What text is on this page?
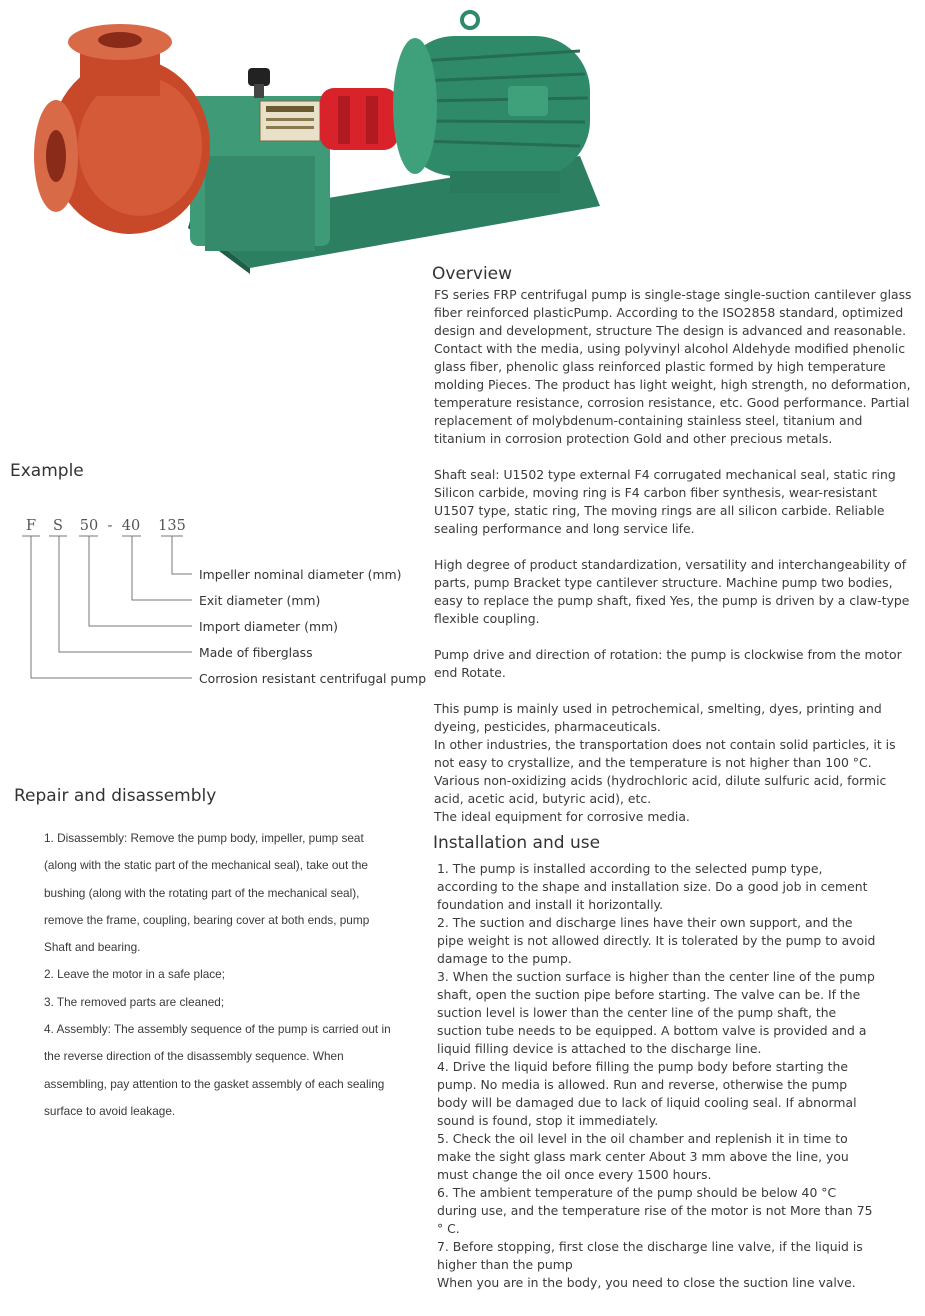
Overview

FS series FRP centrifugal pump is single-stage single-suction cantilever glass fiber reinforced plasticPump. According to the ISO2858 standard, optimized design and development, structure The design is advanced and reasonable. Contact with the media, using polyvinyl alcohol Aldehyde modified phenolic glass fiber, phenolic glass reinforced plastic formed by high temperature molding Pieces. The product has light weight, high strength, no deformation, temperature resistance, corrosion resistance, etc. Good performance. Partial replacement of molybdenum-containing stainless steel, titanium and titanium in corrosion protection Gold and other precious metals.

Shaft seal: U1502 type external F4 corrugated mechanical seal, static ring Silicon carbide, moving ring is F4 carbon fiber synthesis, wear-resistant U1507 type, static ring, The moving rings are all silicon carbide. Reliable sealing performance and long service life.

High degree of product standardization, versatility and interchangeability of parts, pump Bracket type cantilever structure. Machine pump two bodies, easy to replace the pump shaft, fixed Yes, the pump is driven by a claw-type flexible coupling.

Pump drive and direction of rotation: the pump is clockwise from the motor end Rotate.

This pump is mainly used in petrochemical, smelting, dyes, printing and dyeing, pesticides, pharmaceuticals.
In other industries, the transportation does not contain solid particles, it is not easy to crystallize, and the temperature is not higher than 100 °C.
Various non-oxidizing acids (hydrochloric acid, dilute sulfuric acid, formic acid, acetic acid, butyric acid), etc.
The ideal equipment for corrosive media.
Example
F S 50 - 40 135
Impeller nominal diameter (mm)
Exit diameter (mm)
Import diameter (mm)
Made of fiberglass
Corrosion resistant centrifugal pump
Repair and disassembly
1. Disassembly: Remove the pump body, impeller, pump seat (along with the static part of the mechanical seal), take out the bushing (along with the rotating part of the mechanical seal), remove the frame, coupling, bearing cover at both ends, pump Shaft and bearing.
2. Leave the motor in a safe place;
3. The removed parts are cleaned;
4. Assembly: The assembly sequence of the pump is carried out in the reverse direction of the disassembly sequence. When assembling, pay attention to the gasket assembly of each sealing surface to avoid leakage.
Installation and use
1. The pump is installed according to the selected pump type, according to the shape and installation size. Do a good job in cement foundation and install it horizontally.
2. The suction and discharge lines have their own support, and the pipe weight is not allowed directly. It is tolerated by the pump to avoid damage to the pump.
3. When the suction surface is higher than the center line of the pump shaft, open the suction pipe before starting. The valve can be. If the suction level is lower than the center line of the pump shaft, the suction tube needs to be equipped. A bottom valve is provided and a liquid filling device is attached to the discharge line.
4. Drive the liquid before filling the pump body before starting the pump. No media is allowed. Run and reverse, otherwise the pump body will be damaged due to lack of liquid cooling seal. If abnormal sound is found, stop it immediately.
5. Check the oil level in the oil chamber and replenish it in time to make the sight glass mark center About 3 mm above the line, you must change the oil once every 1500 hours.
6. The ambient temperature of the pump should be below 40 °C during use, and the temperature rise of the motor is not More than 75 ° C.
7. Before stopping, first close the discharge line valve, if the liquid is higher than the pump
When you are in the body, you need to close the suction line valve.
